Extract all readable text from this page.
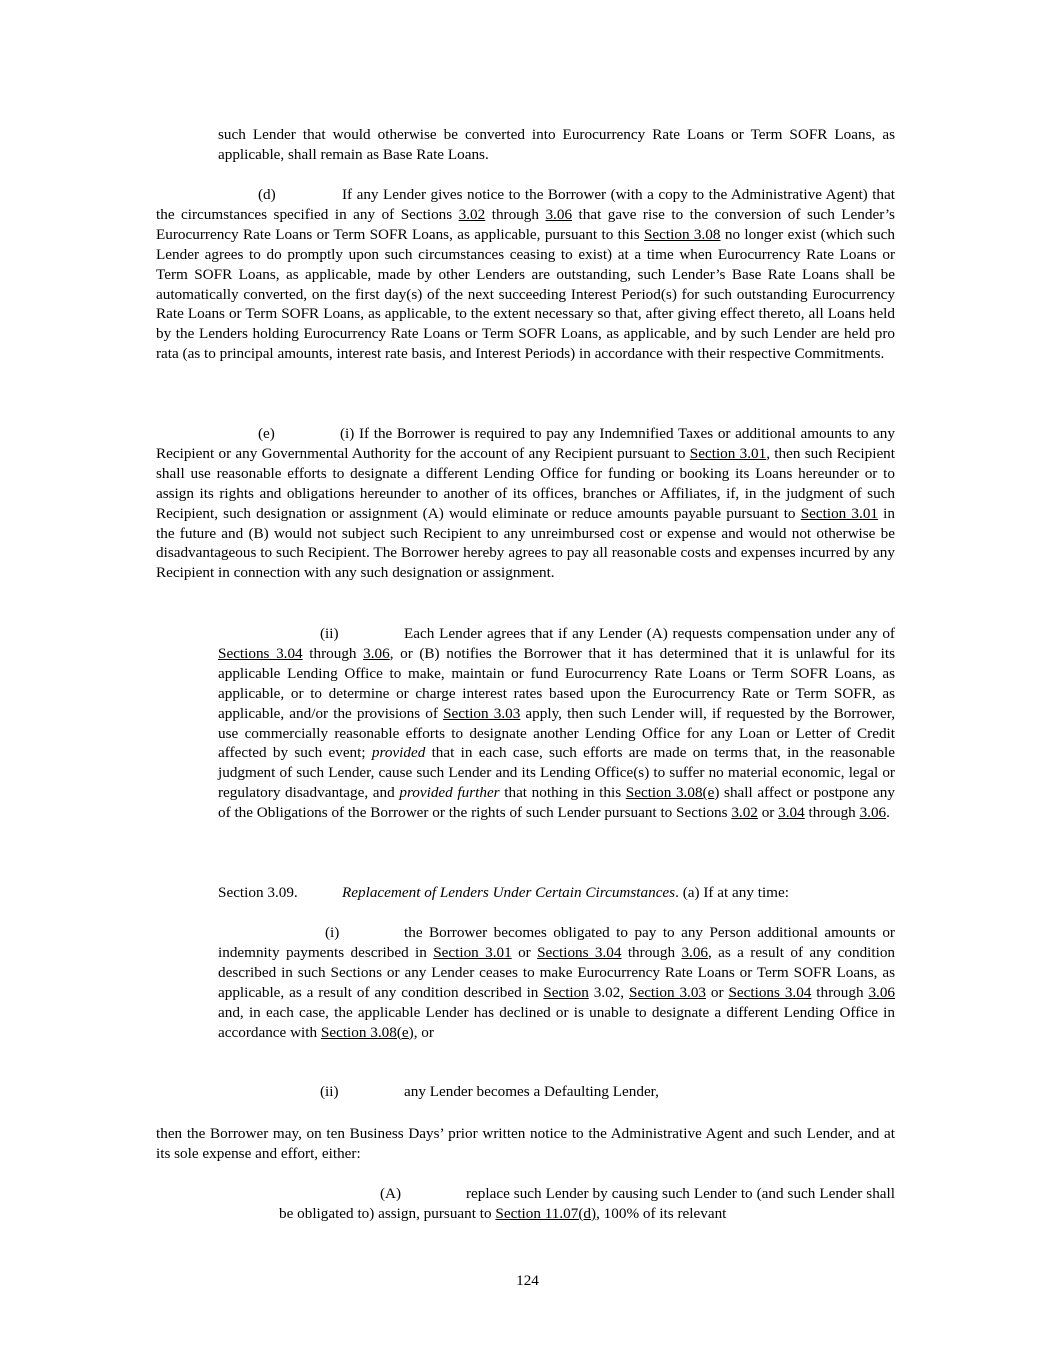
such Lender that would otherwise be converted into Eurocurrency Rate Loans or Term SOFR Loans, as applicable, shall remain as Base Rate Loans.

(d)	If any Lender gives notice to the Borrower (with a copy to the Administrative Agent) that the circumstances specified in any of Sections 3.02 through 3.06 that gave rise to the conversion of such Lender’s Eurocurrency Rate Loans or Term SOFR Loans, as applicable, pursuant to this Section 3.08 no longer exist (which such Lender agrees to do promptly upon such circumstances ceasing to exist) at a time when Eurocurrency Rate Loans or Term SOFR Loans, as applicable, made by other Lenders are outstanding, such Lender’s Base Rate Loans shall be automatically converted, on the first day(s) of the next succeeding Interest Period(s) for such outstanding Eurocurrency Rate Loans or Term SOFR Loans, as applicable, to the extent necessary so that, after giving effect thereto, all Loans held by the Lenders holding Eurocurrency Rate Loans or Term SOFR Loans, as applicable, and by such Lender are held pro rata (as to principal amounts, interest rate basis, and Interest Periods) in accordance with their respective Commitments.

(e)	(i) If the Borrower is required to pay any Indemnified Taxes or additional amounts to any Recipient or any Governmental Authority for the account of any Recipient pursuant to Section 3.01, then such Recipient shall use reasonable efforts to designate a different Lending Office for funding or booking its Loans hereunder or to assign its rights and obligations hereunder to another of its offices, branches or Affiliates, if, in the judgment of such Recipient, such designation or assignment (A) would eliminate or reduce amounts payable pursuant to Section 3.01 in the future and (B) would not subject such Recipient to any unreimbursed cost or expense and would not otherwise be disadvantageous to such Recipient. The Borrower hereby agrees to pay all reasonable costs and expenses incurred by any Recipient in connection with any such designation or assignment.

(ii)	Each Lender agrees that if any Lender (A) requests compensation under any of Sections 3.04 through 3.06, or (B) notifies the Borrower that it has determined that it is unlawful for its applicable Lending Office to make, maintain or fund Eurocurrency Rate Loans or Term SOFR Loans, as applicable, or to determine or charge interest rates based upon the Eurocurrency Rate or Term SOFR, as applicable, and/or the provisions of Section 3.03 apply, then such Lender will, if requested by the Borrower, use commercially reasonable efforts to designate another Lending Office for any Loan or Letter of Credit affected by such event; provided that in each case, such efforts are made on terms that, in the reasonable judgment of such Lender, cause such Lender and its Lending Office(s) to suffer no material economic, legal or regulatory disadvantage, and provided further that nothing in this Section 3.08(e) shall affect or postpone any of the Obligations of the Borrower or the rights of such Lender pursuant to Sections 3.02 or 3.04 through 3.06.

Section 3.09.	Replacement of Lenders Under Certain Circumstances. (a) If at any time:

(i)	the Borrower becomes obligated to pay to any Person additional amounts or indemnity payments described in Section 3.01 or Sections 3.04 through 3.06, as a result of any condition described in such Sections or any Lender ceases to make Eurocurrency Rate Loans or Term SOFR Loans, as applicable, as a result of any condition described in Section 3.02, Section 3.03 or Sections 3.04 through 3.06 and, in each case, the applicable Lender has declined or is unable to designate a different Lending Office in accordance with Section 3.08(e), or

(ii)	any Lender becomes a Defaulting Lender,

then the Borrower may, on ten Business Days’ prior written notice to the Administrative Agent and such Lender, and at its sole expense and effort, either:

(A)	replace such Lender by causing such Lender to (and such Lender shall be obligated to) assign, pursuant to Section 11.07(d), 100% of its relevant

124
